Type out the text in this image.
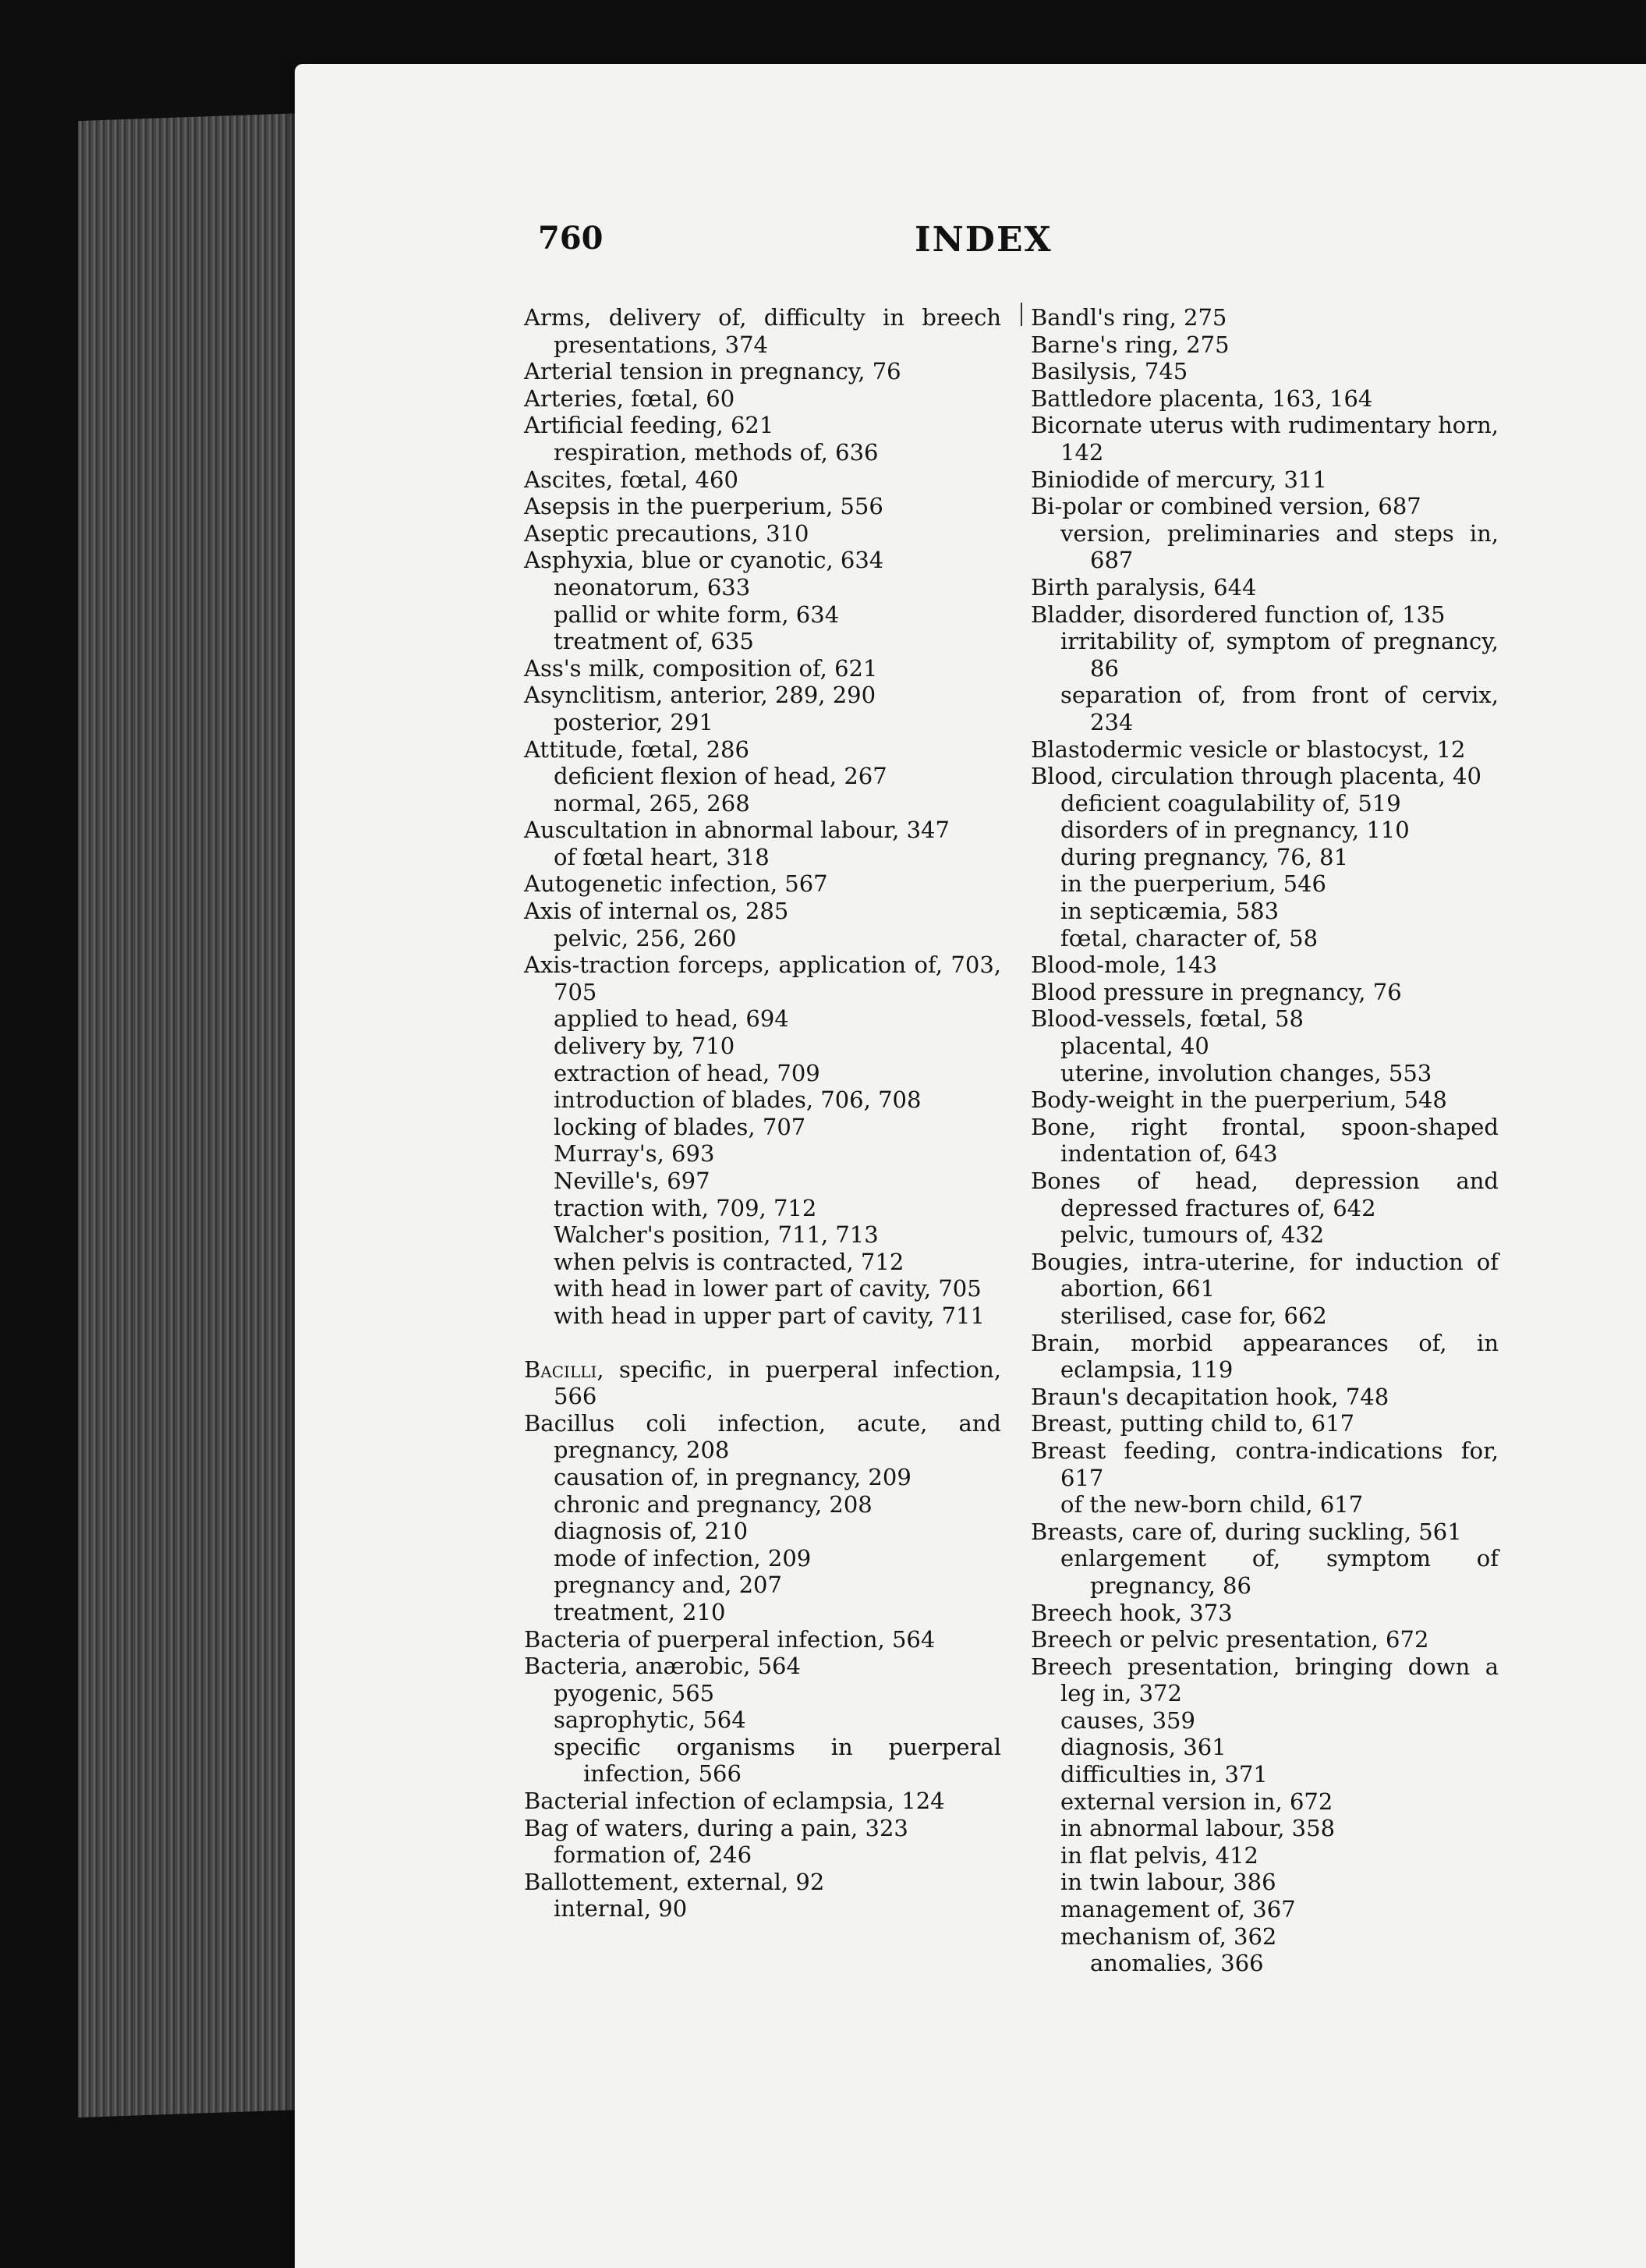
760	INDEX

Arms, delivery of, difficulty in breech presentations, 374

Arterial tension in pregnancy, 76

Arteries, fœtal, 60

Artificial feeding, 621

respiration, methods of, 636

Ascites, fœtal, 460

Asepsis in the puerperium, 556

Aseptic precautions, 310

Asphyxia, blue or cyanotic, 634

neonatorum, 633

pallid or white form, 634

treatment of, 635

Ass's milk, composition of, 621

Asynclitism, anterior, 289, 290

posterior, 291

Attitude, fœtal, 286

deficient flexion of head, 267

normal, 265, 268

Auscultation in abnormal labour, 347

of fœtal heart, 318

Autogenetic infection, 567

Axis of internal os, 285

pelvic, 256, 260

Axis-traction forceps, application of, 703, 705

applied to head, 694

delivery by, 710

extraction of head, 709

introduction of blades, 706, 708

locking of blades, 707

Murray's, 693

Neville's, 697

traction with, 709, 712

Walcher's position, 711, 713

when pelvis is contracted, 712

with head in lower part of cavity, 705

with head in upper part of cavity, 711

Bacilli, specific, in puerperal infection, 566

Bacillus coli infection, acute, and pregnancy, 208

causation of, in pregnancy, 209

chronic and pregnancy, 208

diagnosis of, 210

mode of infection, 209

pregnancy and, 207

treatment, 210

Bacteria of puerperal infection, 564

Bacteria, anærobic, 564

pyogenic, 565

saprophytic, 564

specific organisms in puerperal infection, 566

Bacterial infection of eclampsia, 124

Bag of waters, during a pain, 323

formation of, 246

Ballottement, external, 92

internal, 90

Bandl's ring, 275

Barne's ring, 275

Basilysis, 745

Battledore placenta, 163, 164

Bicornate uterus with rudimentary horn, 142

Biniodide of mercury, 311

Bi-polar or combined version, 687

version, preliminaries and steps in, 687

Birth paralysis, 644

Bladder, disordered function of, 135

irritability of, symptom of pregnancy, 86

separation of, from front of cervix, 234

Blastodermic vesicle or blastocyst, 12

Blood, circulation through placenta, 40

deficient coagulability of, 519

disorders of in pregnancy, 110

during pregnancy, 76, 81

in the puerperium, 546

in septicæmia, 583

fœtal, character of, 58

Blood-mole, 143

Blood pressure in pregnancy, 76

Blood-vessels, fœtal, 58

placental, 40

uterine, involution changes, 553

Body-weight in the puerperium, 548

Bone, right frontal, spoon-shaped indentation of, 643

Bones of head, depression and depressed fractures of, 642

pelvic, tumours of, 432

Bougies, intra-uterine, for induction of abortion, 661

sterilised, case for, 662

Brain, morbid appearances of, in eclampsia, 119

Braun's decapitation hook, 748

Breast, putting child to, 617

Breast feeding, contra-indications for, 617

of the new-born child, 617

Breasts, care of, during suckling, 561

enlargement of, symptom of pregnancy, 86

Breech hook, 373

Breech or pelvic presentation, 672

Breech presentation, bringing down a leg in, 372

causes, 359

diagnosis, 361

difficulties in, 371

external version in, 672

in abnormal labour, 358

in flat pelvis, 412

in twin labour, 386

management of, 367

mechanism of, 362

anomalies, 366
